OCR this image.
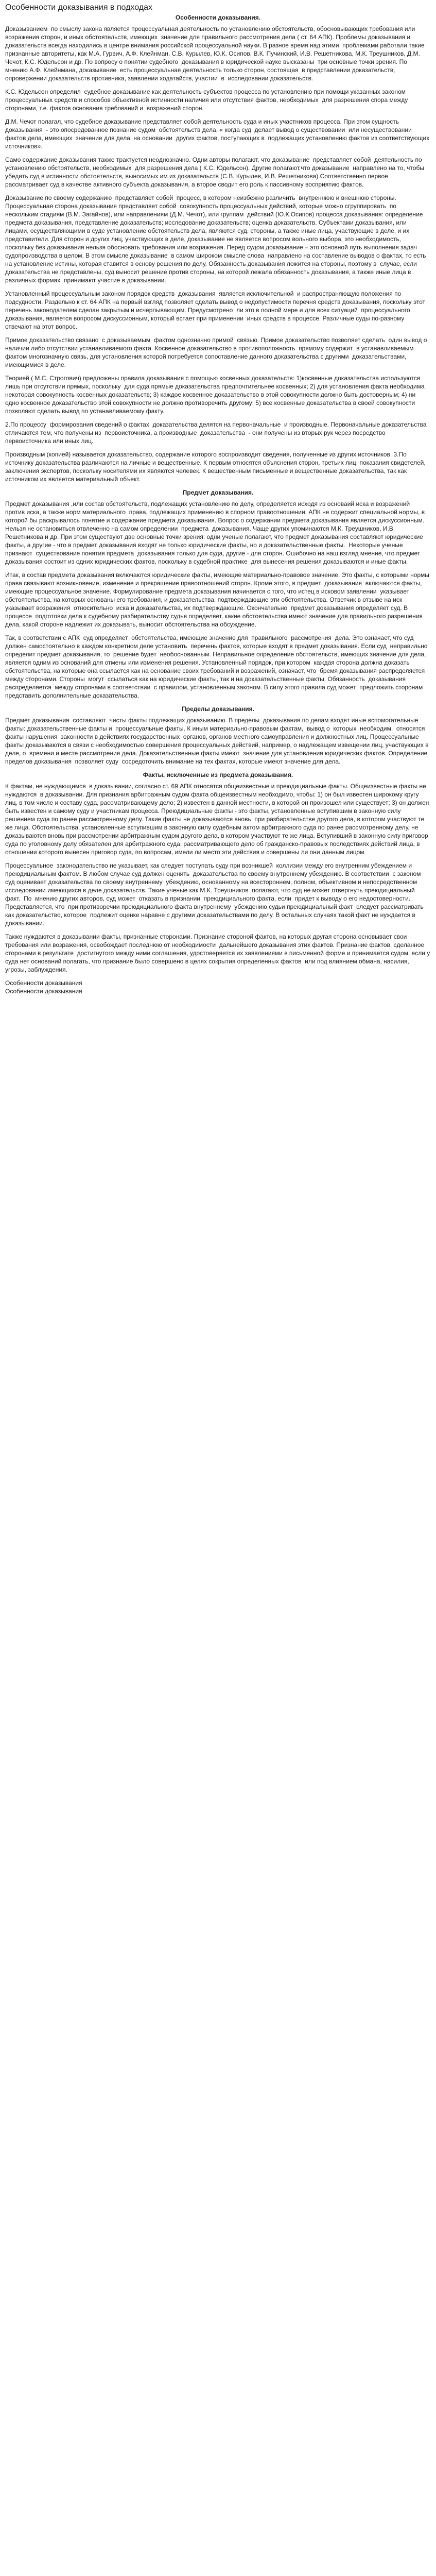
Особенности доказывания в подходах
Особенности доказывания.

Доказыванием  по смыслу закона является процессуальная деятельность по установлению обстоятельств, обосновывающих требования или возражения сторон, и иных обстоятельств, имеющих  значение для правильного рассмотрения дела ( ст. 64 АПК). Проблемы доказывания и доказательств всегда находились в центре внимания российской процессуальной науки. В разное время над этими  проблемами работали такие признанные авторитеты, как М.А. Гурвич, А.Ф. Клейнман, С.В. Курылев, Ю.К. Осипов, В.К. Пучинский, И.В. Решетникова, М.К. Треушников, Д.М. Чечот, К.С. Юдельсон и др. По вопросу о понятии судебного  доказывания в юридической науке высказаны  три основные точки зрения. По мнению А.Ф. Клейнмана, доказывание  есть процессуальная деятельность только сторон, состоящая  в представлении доказательств, опровержении доказательств противника, заявлении ходатайств, участии  в  исследовании доказательств.

К.С. Юдельсон определил  судебное доказывание как деятельность субъектов процесса по установлению при помощи указанных законом процессуальных средств и способов объективной истинности наличия или отсутствия фактов, необходимых  для разрешения спора между сторонами, т.е. фактов основания требований и  возражений сторон.

Д.М. Чечот полагал, что судебное доказывание представляет собой деятельность суда и иных участников процесса. При этом сущность доказывания  - это опосредованное познание судом  обстоятельств дела, « когда суд  делает вывод о существовании  или несуществовании фактов дела, имеющих  значение для дела, на основании  других фактов, поступающих в  подлежащих установлению фактов из соответствующих  источников».

Само содержание доказывания также трактуется неоднозначно. Одни авторы полагают, что доказывание  представляет собой  деятельность по установлению обстоятельств, необходимых  для разрешения дела ( К.С. Юдельсон). Другие полагают,что доказывание  направлено на то, чтобы убедить суд в истинности обстоятельств, выносимых им из доказательств (С.В. Курылев, И.В. Решетникова).Соответственно первое рассматривает суд в качестве активного субъекта доказывания, а второе сводит его роль к пассивному восприятию фактов.

Доказывание по своему содержанию  представляет собой  процесс, в котором неизбежно различить  внутреннюю и внешнюю стороны. Процессуальная сторона доказывания представляет собой  совокупность процессуальных действий, которые можно сгруппировать  по нескольким стадиям (В.М. Загайнов), или направлениям (Д.М. Чечот), или группам  действий (Ю.К.Осипов) процесса доказывания: определение предмета доказывания, представление доказательств; исследование доказательств; оценка доказательств. Субъектами доказывания, или лицами, осуществляющими в суде установление обстоятельств дела, являются суд, стороны, а также иные лица, участвующие в деле, и их представители. Для сторон и других лиц, участвующих в деле, доказывание не является вопросом вольного выбора, это необходимость, поскольку без доказывания нельзя обосновать требования или возражения. Перед судом доказывание – это основной путь выполнения задач судопроизводства в целом. В этом смысле доказывание  в самом широком смысле слова  направлено на составление выводов о фактах, то есть на установление истины, которая ставится в основу решения по делу. Обязанность доказывания ложится на стороны, поэтому в  случае, если доказательства не представлены, суд выносит решение против стороны, на которой лежала обязанность доказывания, а также иные лица в различных формах  принимают участие в доказывании.

Установленный процессуальным законом порядок средств  доказывания  является исключительной  и распространяющую положения по подсудности. Раздельно к ст. 64 АПК на первый взгляд позволяет сделать вывод о недопустимости перечня средств доказывания, поскольку этот перечень законодателем сделан закрытым и исчерпывающим. Предусмотрено  ли это в полной мере и для всех ситуаций  процессуального доказывания, является вопросом дискуссионным, который встает при применении  иных средств в процессе. Различные суды по-разному отвечают на этот вопрос.

Примое доказательство связано  с доказываемым  фактом однозначно примой  связью. Примое доказательство позволяет сделать  один вывод о наличии либо отсутствии устанавливаемого факта. Косвенное доказательство в противоположность  прямому содержит  в устанавливаемым фактом многозначную связь, для установления которой потребуется сопоставление данного доказательства с другими  доказательствами, имеющимися в деле.

Теорией ( М.С. Строгович) предложены правила доказывания с помощью косвенных доказательств: 1)косвенные доказательства используются лишь при отсутствии прямых, поскольку  для суда прямые доказательства предпочтительнее косвенных; 2) для установления факта необходима некоторая совокупность косвенных доказательств; 3) каждое косвенное доказательство в этой совокупности должно быть достоверным; 4) ни одно косвенное доказательство этой совокупности не должно противоречить другому; 5) все косвенные доказательства в своей совокупности позволяют сделать вывод по устанавливаемому факту.

2.По процессу  формирования сведений о фактах  доказательства делятся на первоначальные  и производные. Первоначальные доказательства отличаются тем, что получены из  первоисточника, а производные  доказательства  - они получены из вторых рук через посредство первоисточника или иных лиц.

Производным (копией) называется доказательство, содержание которого воспроизводит сведения, полученные из других источников. 3.По источнику доказательства различаются на личные и вещественные. К первым относятся объяснения сторон, третьих лиц, показания свидетелей, заключения экспертов, поскольку носителями их являются челевек. К вещественным письменные и вещественные доказательства, так как источником их является материальный объект.

Предмет доказывания.

Предмет доказывания ,или состав обстоятельств, подлежащих установлению по делу, определяется исходя из основаий иска и возражений против иска, а также норм материального  права, подлежащих применению в спорном правоотношении. АПК не содержит специальной нормы, в которой бы раскрывалось понятие и содержание предмета доказывания. Вопрос о содержании предмета доказывания является дискуссионным. Нельзя не остановиться отвлеченно на самом определении  предмета  доказывания. Чаще других упоминаются М.К. Треушников, И.В. Решетникова и др. При этом существуют две основные точки зрения: одни ученые полагают, что предмет доказывания составляют юридические факты, а другие - что в предмет доказывания входят не только юридические факты, но и доказательственные факты.  Некоторые ученые признают  существование понятия предмета  доказывания только для суда, другие - для сторон. Ошибочно на наш взгляд мнение, что предмет доказывания состоит из одних юридических фактов, поскольку в судебной практике  для вынесения решения доказываются и иные факты.

Итак, в состав предмета доказывания включаются юридические факты, имеющие материально-правовое значение. Это факты, с которыми нормы права связывают возникновение, изменение и прекращение правоотношений сторон. Кроме этого, в предмет  доказывания  включаются факты, имеющие процессуальное значение. Формулирование предмета доказывания начинается с того, что истец в исковом заявлении  указывает  обстоятельства, на которых основаны его требования, и доказательства, подтверждающие эти обстоятельства. Ответчик в отзыве на иск указывает возражения  относительно  иска и доказательства, их подтверждающие. Окончательно  предмет доказывания определяет суд. В процессе  подготовки дела к судебному разбирательству судья определяет, какие обстоятельства имеют значение для правильного разрешения дела, какой стороне надлежит их доказывать, выносит обстоятельства на обсуждение.

Так, в соответствии с АПК  суд определяет  обстоятельства, имеющие значение для  правильного  рассмотрения  дела. Это означает, что суд должен самостоятельно в каждом конкретном деле установить  перечень фактов, которые входят в предмет доказывания. Если суд  неправильно определит предмет доказывания, то  решение будет  необоснованным. Неправильное определение обстоятельств, имеющих значение для дела, является одним из оснований для отмены или изменения решения. Установленный порядок, при котором  каждая сторона должна доказать  обстоятельства, на которые она ссылается как на основание своих требований и возражений, означает, что  бремя доказывания распределяется между сторонами. Стороны  могут  ссылаться как на юридические факты, так и на доказательственные факты. Обязанность  доказывания распределяется  между сторонами в соответствии  с правилом, установленным законом. В силу этого правила суд может  предложить сторонам представить дополнительные доказательства.

Пределы доказывания.

Предмет доказывания  составляют  чисты факты подлежащих доказыванию. В пределы  доказывания по делам входят иные вспомогательные  факты: доказательственные факты и  процессуальные факты. К иным материально-правовым фактам,  вывод о  которых  необходим,  относятся факты нарушения  законности в действиях государственных  органов, органов местного самоуправления и должностных лиц. Процессуальные факты доказываются в связи с необходимостью совершения процессуальных действий, например, о надлежащем извещении лиц, участвующих в деле, о  времени и месте рассмотрения дела. Доказательственные факты имеют  значение для установления юридических фактов. Определение пределов доказывания  позволяет суду  сосредоточить внимание на тех фактах, которые имеют значение для дела.

Факты, исключенные из предмета доказывания.

К фактам, не нуждающимся  в доказывании, согласно ст. 69 АПК относятся общеизвестные и преюдициальные факты. Общеизвестные факты не нуждаются  в доказывании. Для признания арбитражным судом факта общеизвестным необходимо, чтобы: 1) он был известен широкому кругу лиц, в том числе и составу суда, рассматривающему дело; 2) известен в данной местности, в которой он произошел или существует; 3) он должен быть известен и самому суду и участникам процесса. Преюдициальные факты - это факты, установленные вступившим в законную силу решением суда по ранее рассмотренному делу. Такие факты не доказываются вновь  при разбирательстве другого дела, в котором участвуют те же лица. Обстоятельства, установленные вступившим в законную силу судебным актом арбитражного суда по ранее рассмотренному делу, не доказываются вновь при рассмотрении арбитражным судом другого дела, в котором участвуют те же лица. Вступивший в законную силу приговор суда по уголовному делу обязателен для арбитражного суда, рассматривающего дело об гражданско-правовых последствиях действий лица, в отношении которого вынесен приговор суда, по вопросам, имели ли место эти действия и совершены ли они данным лицом.

Процессуальное  законодательство не указывает, как следует поступать суду при возникшей  коллизии между его внутренним убеждением и преюдициальным фактом. В любом случае суд должен оценить  доказательства по своему внутреннему убеждению. В соответствии  с законом  суд оценивает доказательства по своему внутреннему  убеждению, основанному на всестороннем, полном, объективном и непосредственном исследовании имеющихся в деле доказательств. Такие ученые как М.К. Треушников  полагают, что суд не может отвергнуть преюдициальный факт.  По  мнению других авторов, суд может  отказать в признании  преюдициального факта, если  придет к выводу о его недостоверности. Представляется, что  при противоречии преюдициального факта внутреннему  убеждению судьи преюдициальный факт  следует рассматривать как доказательство, которое  подлежит оценке наравне с другими доказательствами по делу. В остальных случаях такой факт не нуждается в доказывании.

Также нуждаются в доказывании факты, признанные сторонами. Признание стороной фактов, на которых другая сторона основывает свои требования или возражения, освобождает последнюю от необходимости  дальнейшего доказывания этих фактов. Признание фактов, сделанное сторонами в результате  достигнутого между ними соглашения, удостоверяется их заявлениями в письменной форме и принимается судом, если у суда нет оснований полагать, что признание было совершено в целях сокрытия определенных фактов  или под влиянием обмана, насилия, угрозы, заблуждения.

Особенности доказывания
Особенности доказывания
